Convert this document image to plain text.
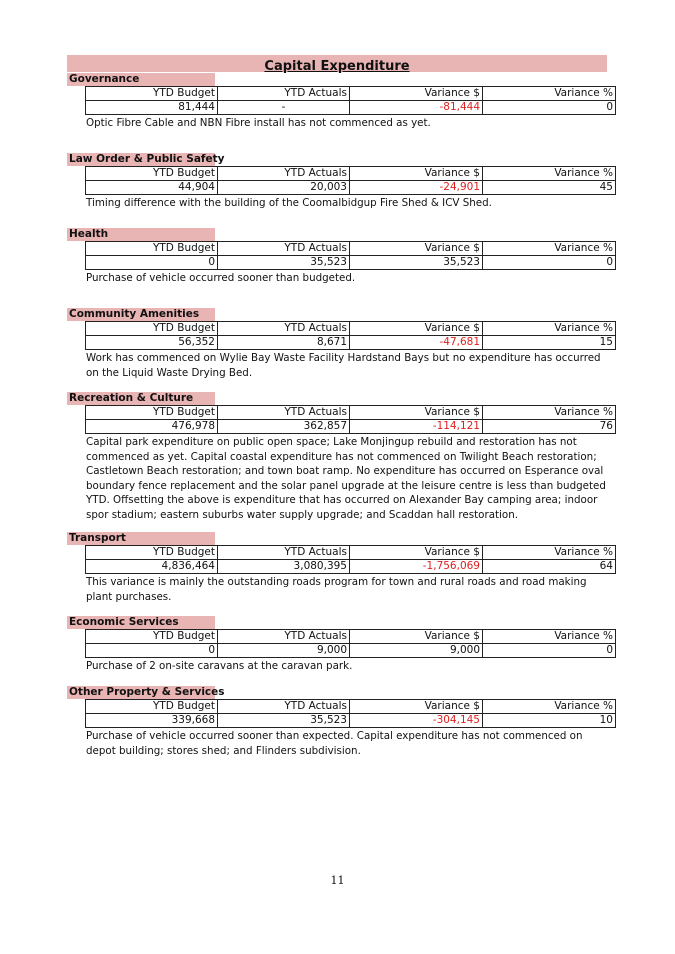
Capital Expenditure
Governance
YTD Budget	YTD Actuals	Variance $	Variance %
81,444	-	-81,444	0
Optic Fibre Cable and NBN Fibre install has not commenced as yet.
Law Order & Public Safety
YTD Budget	YTD Actuals	Variance $	Variance %
44,904	20,003	-24,901	45
Timing difference with the building of the Coomalbidgup Fire Shed & ICV Shed.
Health
YTD Budget	YTD Actuals	Variance $	Variance %
0	35,523	35,523	0
Purchase of vehicle occurred sooner than budgeted.
Community Amenities
YTD Budget	YTD Actuals	Variance $	Variance %
56,352	8,671	-47,681	15
Work has commenced on Wylie Bay Waste Facility Hardstand Bays but no expenditure has occurred on the Liquid Waste Drying Bed.
Recreation & Culture
YTD Budget	YTD Actuals	Variance $	Variance %
476,978	362,857	-114,121	76
Capital park expenditure on public open space; Lake Monjingup rebuild and restoration has not commenced as yet. Capital coastal expenditure has not commenced on Twilight Beach restoration; Castletown Beach restoration; and town boat ramp. No expenditure has occurred on Esperance oval boundary fence replacement and the solar panel upgrade at the leisure centre is less than budgeted YTD. Offsetting the above is expenditure that has occurred on Alexander Bay camping area; indoor spor stadium; eastern suburbs water supply upgrade; and Scaddan hall restoration.
Transport
YTD Budget	YTD Actuals	Variance $	Variance %
4,836,464	3,080,395	-1,756,069	64
This variance is mainly the outstanding roads program for town and rural roads and road making plant purchases.
Economic Services
YTD Budget	YTD Actuals	Variance $	Variance %
0	9,000	9,000	0
Purchase of 2 on-site caravans at the caravan park.
Other Property & Services
YTD Budget	YTD Actuals	Variance $	Variance %
339,668	35,523	-304,145	10
Purchase of vehicle occurred sooner than expected. Capital expenditure has not commenced on depot building; stores shed; and Flinders subdivision.
11
